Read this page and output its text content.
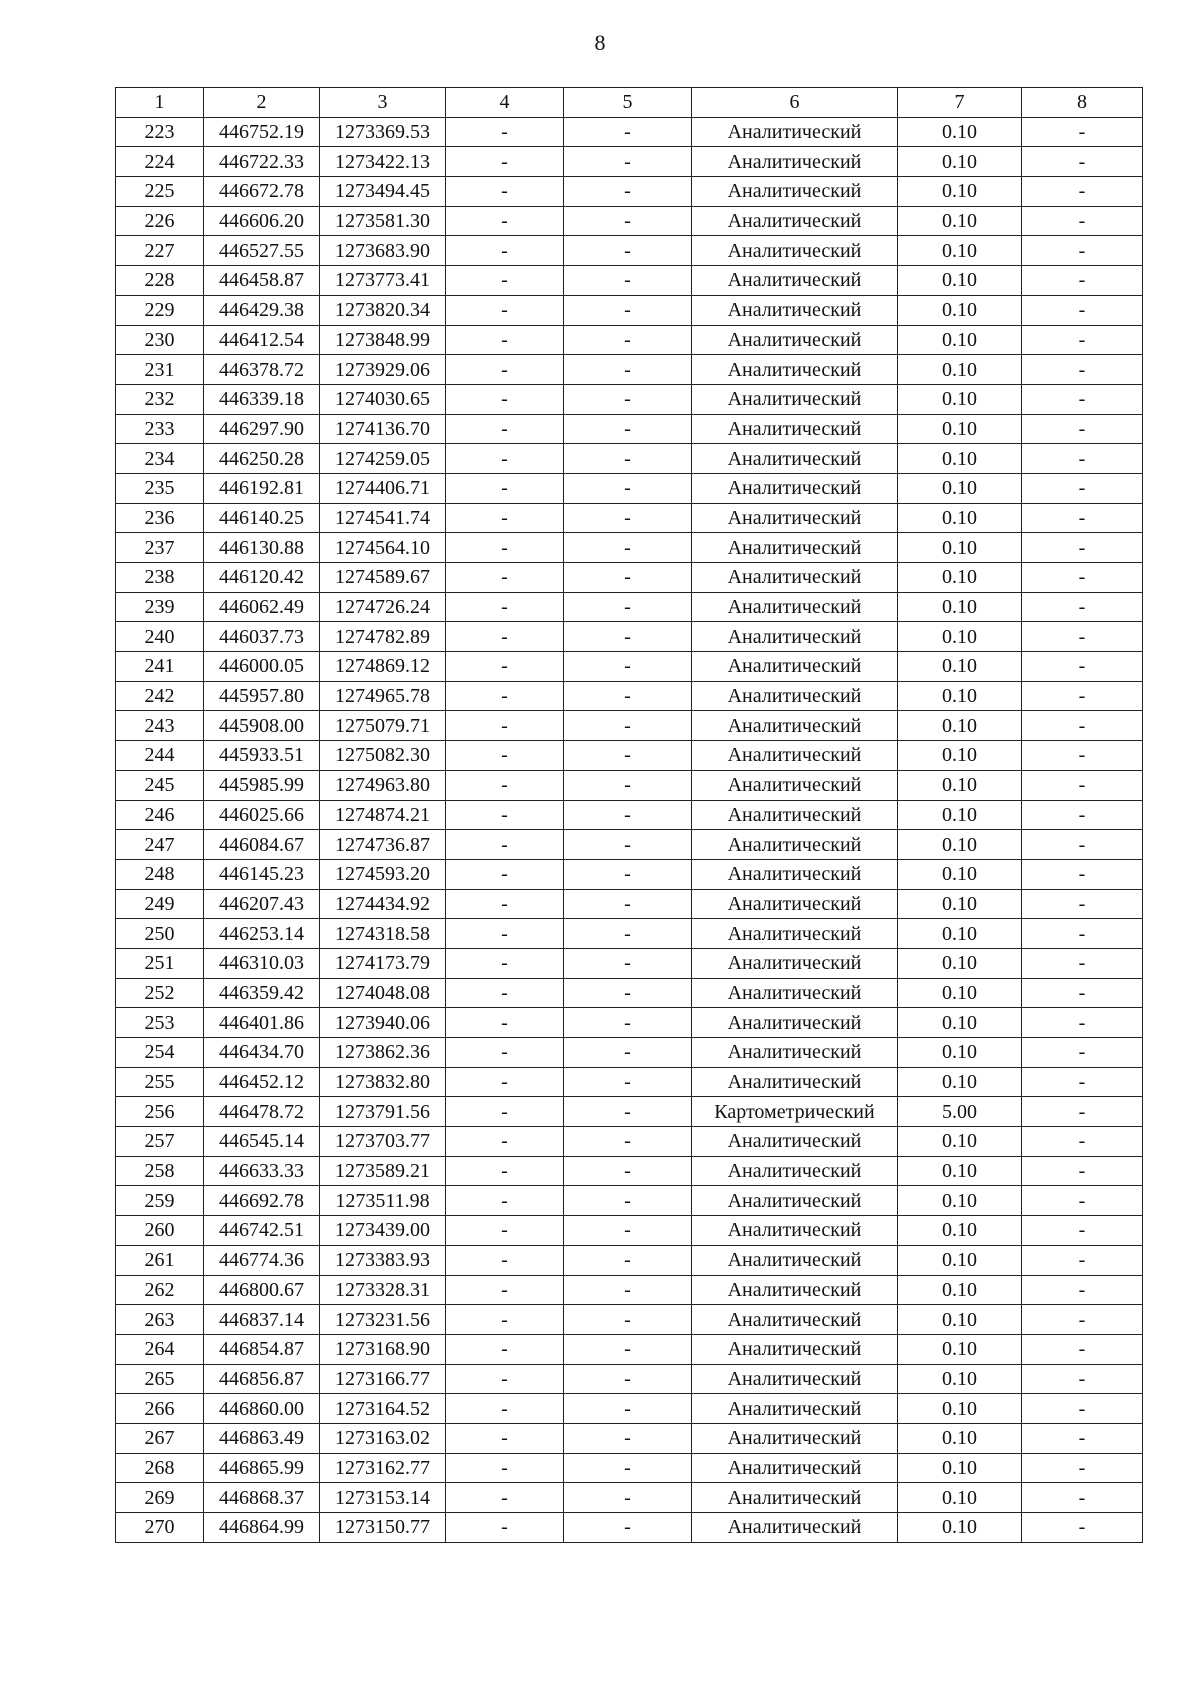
8
1	2	3	4	5	6	7	8
223	446752.19	1273369.53	-	-	Аналитический	0.10	-
224	446722.33	1273422.13	-	-	Аналитический	0.10	-
225	446672.78	1273494.45	-	-	Аналитический	0.10	-
226	446606.20	1273581.30	-	-	Аналитический	0.10	-
227	446527.55	1273683.90	-	-	Аналитический	0.10	-
228	446458.87	1273773.41	-	-	Аналитический	0.10	-
229	446429.38	1273820.34	-	-	Аналитический	0.10	-
230	446412.54	1273848.99	-	-	Аналитический	0.10	-
231	446378.72	1273929.06	-	-	Аналитический	0.10	-
232	446339.18	1274030.65	-	-	Аналитический	0.10	-
233	446297.90	1274136.70	-	-	Аналитический	0.10	-
234	446250.28	1274259.05	-	-	Аналитический	0.10	-
235	446192.81	1274406.71	-	-	Аналитический	0.10	-
236	446140.25	1274541.74	-	-	Аналитический	0.10	-
237	446130.88	1274564.10	-	-	Аналитический	0.10	-
238	446120.42	1274589.67	-	-	Аналитический	0.10	-
239	446062.49	1274726.24	-	-	Аналитический	0.10	-
240	446037.73	1274782.89	-	-	Аналитический	0.10	-
241	446000.05	1274869.12	-	-	Аналитический	0.10	-
242	445957.80	1274965.78	-	-	Аналитический	0.10	-
243	445908.00	1275079.71	-	-	Аналитический	0.10	-
244	445933.51	1275082.30	-	-	Аналитический	0.10	-
245	445985.99	1274963.80	-	-	Аналитический	0.10	-
246	446025.66	1274874.21	-	-	Аналитический	0.10	-
247	446084.67	1274736.87	-	-	Аналитический	0.10	-
248	446145.23	1274593.20	-	-	Аналитический	0.10	-
249	446207.43	1274434.92	-	-	Аналитический	0.10	-
250	446253.14	1274318.58	-	-	Аналитический	0.10	-
251	446310.03	1274173.79	-	-	Аналитический	0.10	-
252	446359.42	1274048.08	-	-	Аналитический	0.10	-
253	446401.86	1273940.06	-	-	Аналитический	0.10	-
254	446434.70	1273862.36	-	-	Аналитический	0.10	-
255	446452.12	1273832.80	-	-	Аналитический	0.10	-
256	446478.72	1273791.56	-	-	Картометрический	5.00	-
257	446545.14	1273703.77	-	-	Аналитический	0.10	-
258	446633.33	1273589.21	-	-	Аналитический	0.10	-
259	446692.78	1273511.98	-	-	Аналитический	0.10	-
260	446742.51	1273439.00	-	-	Аналитический	0.10	-
261	446774.36	1273383.93	-	-	Аналитический	0.10	-
262	446800.67	1273328.31	-	-	Аналитический	0.10	-
263	446837.14	1273231.56	-	-	Аналитический	0.10	-
264	446854.87	1273168.90	-	-	Аналитический	0.10	-
265	446856.87	1273166.77	-	-	Аналитический	0.10	-
266	446860.00	1273164.52	-	-	Аналитический	0.10	-
267	446863.49	1273163.02	-	-	Аналитический	0.10	-
268	446865.99	1273162.77	-	-	Аналитический	0.10	-
269	446868.37	1273153.14	-	-	Аналитический	0.10	-
270	446864.99	1273150.77	-	-	Аналитический	0.10	-
